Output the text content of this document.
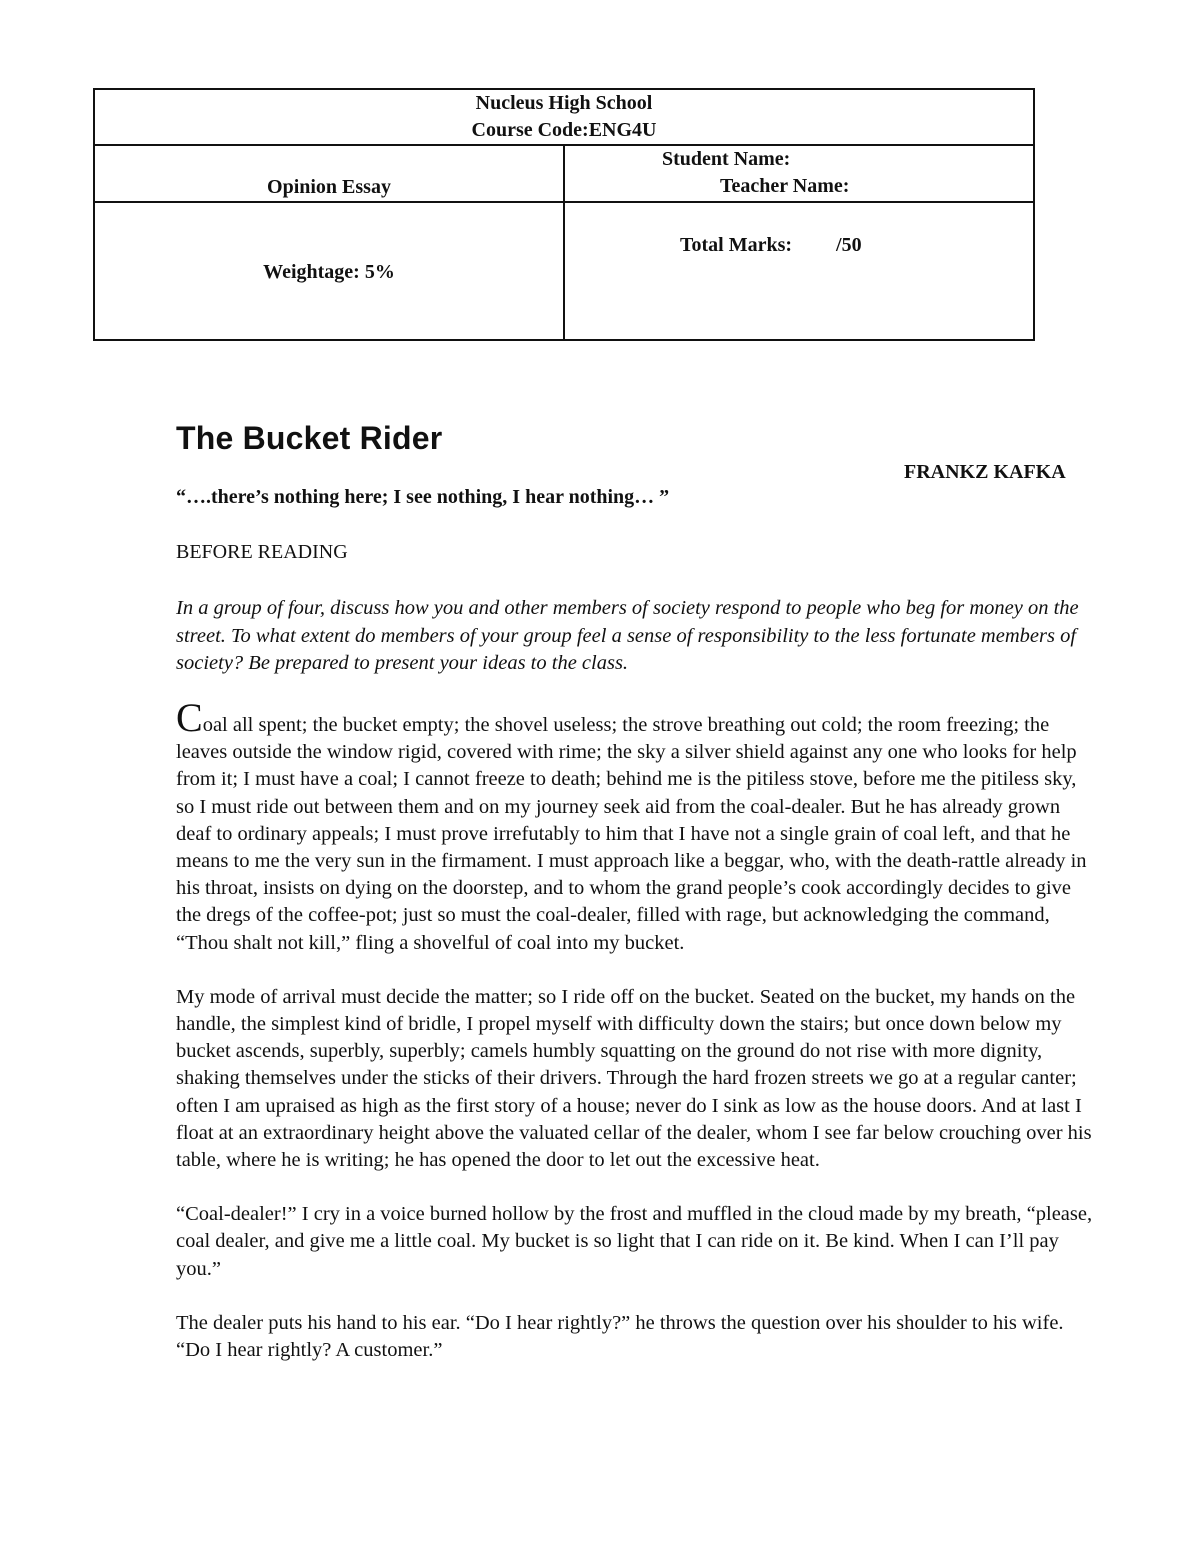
Nucleus High School
Course Code:ENG4U	

Opinion Essay	Student Name:
Teacher Name:

Weightage: 5%	Total Marks: /50
The Bucket Rider
FRANKZ KAFKA
“….there’s nothing here; I see nothing, I hear nothing… ”
BEFORE READING

In a group of four, discuss how you and other members of society respond to people who beg for money on the street. To what extent do members of your group feel a sense of responsibility to the less fortunate members of society? Be prepared to present your ideas to the class.

Coal all spent; the bucket empty; the shovel useless; the strove breathing out cold; the room freezing; the leaves outside the window rigid, covered with rime; the sky a silver shield against any one who looks for help from it; I must have a coal; I cannot freeze to death; behind me is the pitiless stove, before me the pitiless sky, so I must ride out between them and on my journey seek aid from the coal-dealer. But he has already grown deaf to ordinary appeals; I must prove irrefutably to him that I have not a single grain of coal left, and that he means to me the very sun in the firmament. I must approach like a beggar, who, with the death-rattle already in his throat, insists on dying on the doorstep, and to whom the grand people’s cook accordingly decides to give the dregs of the coffee-pot; just so must the coal-dealer, filled with rage, but acknowledging the command, “Thou shalt not kill,” fling a shovelful of coal into my bucket.

My mode of arrival must decide the matter; so I ride off on the bucket. Seated on the bucket, my hands on the handle, the simplest kind of bridle, I propel myself with difficulty down the stairs; but once down below my bucket ascends, superbly, superbly; camels humbly squatting on the ground do not rise with more dignity, shaking themselves under the sticks of their drivers. Through the hard frozen streets we go at a regular canter; often I am upraised as high as the first story of a house; never do I sink as low as the house doors. And at last I float at an extraordinary height above the valuated cellar of the dealer, whom I see far below crouching over his table, where he is writing; he has opened the door to let out the excessive heat.

“Coal-dealer!” I cry in a voice burned hollow by the frost and muffled in the cloud made by my breath, “please, coal dealer, and give me a little coal. My bucket is so light that I can ride on it. Be kind. When I can I’ll pay you.”

The dealer puts his hand to his ear. “Do I hear rightly?” he throws the question over his shoulder to his wife. “Do I hear rightly? A customer.”
